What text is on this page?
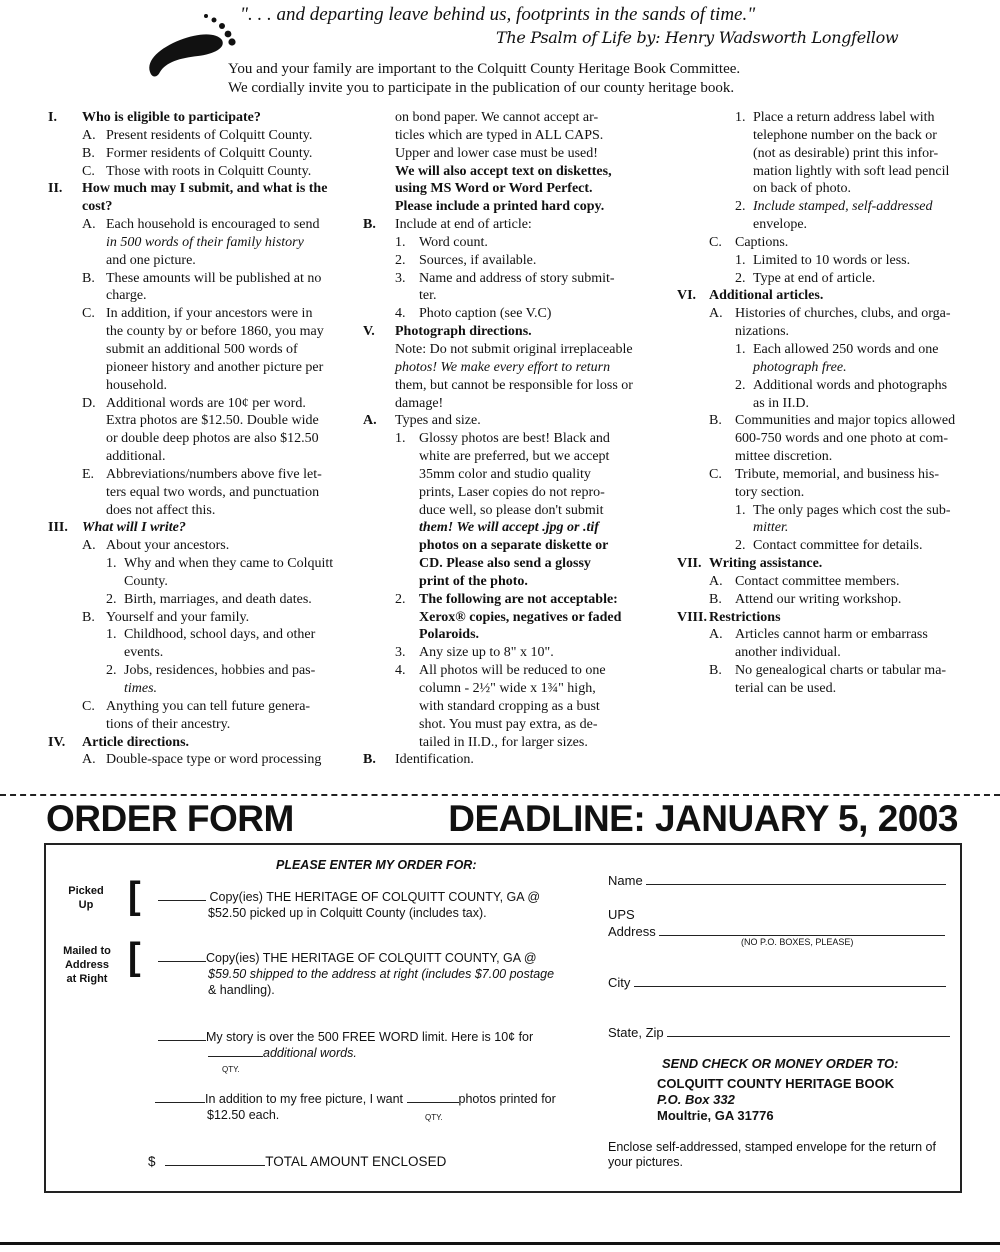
". . . and departing leave behind us, footprints in the sands of time."
The Psalm of Life by: Henry Wadsworth Longfellow
You and your family are important to the Colquitt County Heritage Book Committee.
We cordially invite you to participate in the publication of our county heritage book.
I. Who is eligible to participate?
A. Present residents of Colquitt County.
B. Former residents of Colquitt County.
C. Those with roots in Colquitt County.
II. How much may I submit, and what is the
cost?
A. Each household is encouraged to send
in 500 words of their family history
and one picture.
B. These amounts will be published at no
charge.
C. In addition, if your ancestors were in
the county by or before 1860, you may
submit an additional 500 words of
pioneer history and another picture per
household.
D. Additional words are 10¢ per word.
Extra photos are $12.50. Double wide
or double deep photos are also $12.50
additional.
E. Abbreviations/numbers above five let-
ters equal two words, and punctuation
does not affect this.
III. What will I write?
A. About your ancestors.
1. Why and when they came to Colquitt
County.
2. Birth, marriages, and death dates.
B. Yourself and your family.
1. Childhood, school days, and other
events.
2. Jobs, residences, hobbies and pas-
times.
C. Anything you can tell future genera-
tions of their ancestry.
IV. Article directions.
A. Double-space type or word processing
on bond paper. We cannot accept ar-
ticles which are typed in ALL CAPS.
Upper and lower case must be used!
We will also accept text on diskettes,
using MS Word or Word Perfect.
Please include a printed hard copy.
B. Include at end of article:
1. Word count.
2. Sources, if available.
3. Name and address of story submit-
ter.
4. Photo caption (see V.C)
V. Photograph directions.
Note: Do not submit original irreplaceable
photos! We make every effort to return
them, but cannot be responsible for loss or
damage!
A. Types and size.
1. Glossy photos are best! Black and
white are preferred, but we accept
35mm color and studio quality
prints, Laser copies do not repro-
duce well, so please don't submit
them! We will accept .jpg or .tif
photos on a separate diskette or
CD. Please also send a glossy
print of the photo.
2. The following are not acceptable:
Xerox® copies, negatives or faded
Polaroids.
3. Any size up to 8" x 10".
4. All photos will be reduced to one
column - 2½" wide x 1¾" high,
with standard cropping as a bust
shot. You must pay extra, as de-
tailed in II.D., for larger sizes.
B. Identification.
1. Place a return address label with
telephone number on the back or
(not as desirable) print this infor-
mation lightly with soft lead pencil
on back of photo.
2. Include stamped, self-addressed
envelope.
C. Captions.
1. Limited to 10 words or less.
2. Type at end of article.
VI. Additional articles.
A. Histories of churches, clubs, and orga-
nizations.
1. Each allowed 250 words and one
photograph free.
2. Additional words and photographs
as in II.D.
B. Communities and major topics allowed
600-750 words and one photo at com-
mittee discretion.
C. Tribute, memorial, and business his-
tory section.
1. The only pages which cost the sub-
mitter.
2. Contact committee for details.
VII. Writing assistance.
A. Contact committee members.
B. Attend our writing workshop.
VIII. Restrictions
A. Articles cannot harm or embarrass
another individual.
B. No genealogical charts or tabular ma-
terial can be used.
ORDER FORM	DEADLINE: JANUARY 5, 2003
PLEASE ENTER MY ORDER FOR:
Picked
Up [	Copy(ies) THE HERITAGE OF COLQUITT COUNTY, GA @
$52.50 picked up in Colquitt County (includes tax).
Mailed to
Address
at Right
[	Copy(ies) THE HERITAGE OF COLQUITT COUNTY, GA @
$59.50 shipped to the address at right (includes $7.00 postage
& handling).
My story is over the 500 FREE WORD limit. Here is 10¢ for
additional words.
QTY.
In addition to my free picture, I want	photos printed for
$12.50 each.	QTY.
$	TOTAL AMOUNT ENCLOSED
Name
UPS
Address
(NO P.O. BOXES, PLEASE)
City
State, Zip
SEND CHECK OR MONEY ORDER TO:
COLQUITT COUNTY HERITAGE BOOK
P.O. Box 332
Moultrie, GA 31776
Enclose self-addressed, stamped envelope for the return of
your pictures.
